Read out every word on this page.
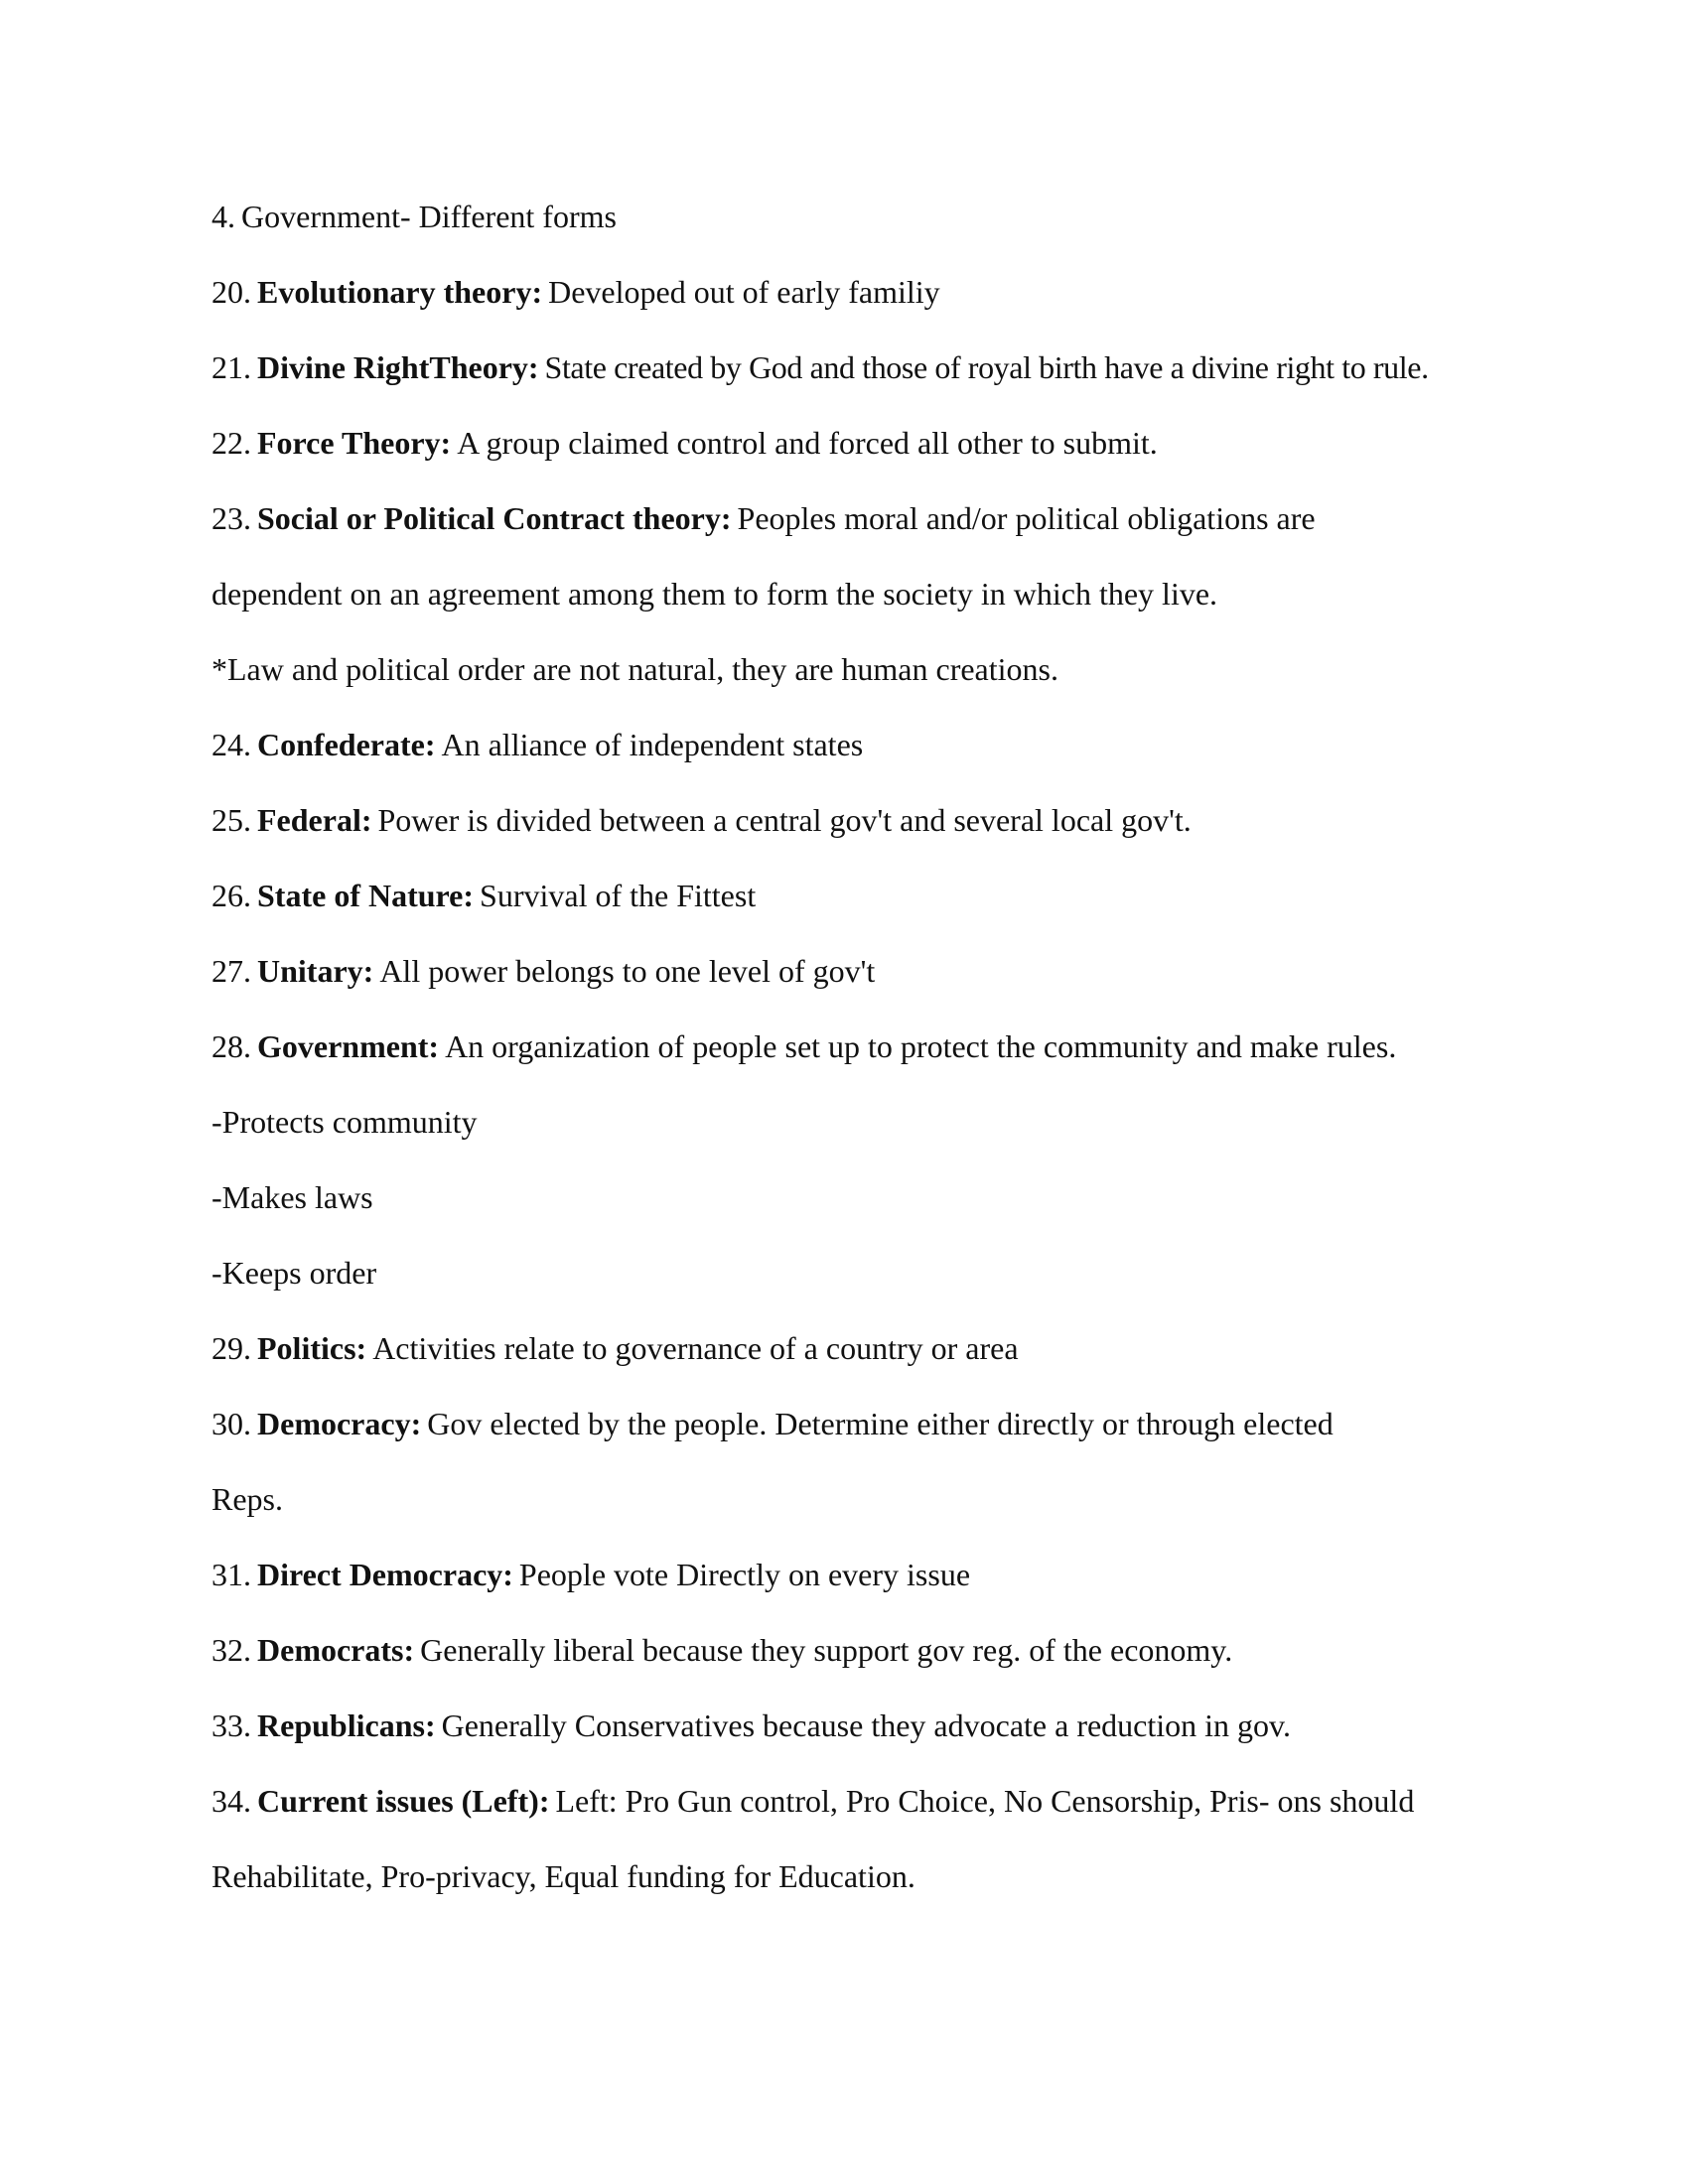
4. Government- Different forms
20. Evolutionary theory: Developed out of early familiy
21. Divine RightTheory: State created by God and those of royal birth have a divine right to rule.
22. Force Theory: A group claimed control and forced all other to submit.
23. Social or Political Contract theory: Peoples moral and/or political obligations are
dependent on an agreement among them to form the society in which they live.
*Law and political order are not natural, they are human creations.
24. Confederate: An alliance of independent states
25. Federal: Power is divided between a central gov't and several local gov't.
26. State of Nature: Survival of the Fittest
27. Unitary: All power belongs to one level of gov't
28. Government: An organization of people set up to protect the community and make rules.
-Protects community
-Makes laws
-Keeps order
29. Politics: Activities relate to governance of a country or area
30. Democracy: Gov elected by the people. Determine either directly or through elected
Reps.
31. Direct Democracy: People vote Directly on every issue
32. Democrats: Generally liberal because they support gov reg. of the economy.
33. Republicans: Generally Conservatives because they advocate a reduction in gov.
34. Current issues (Left): Left: Pro Gun control, Pro Choice, No Censorship, Pris- ons should
Rehabilitate, Pro-privacy, Equal funding for Education.
